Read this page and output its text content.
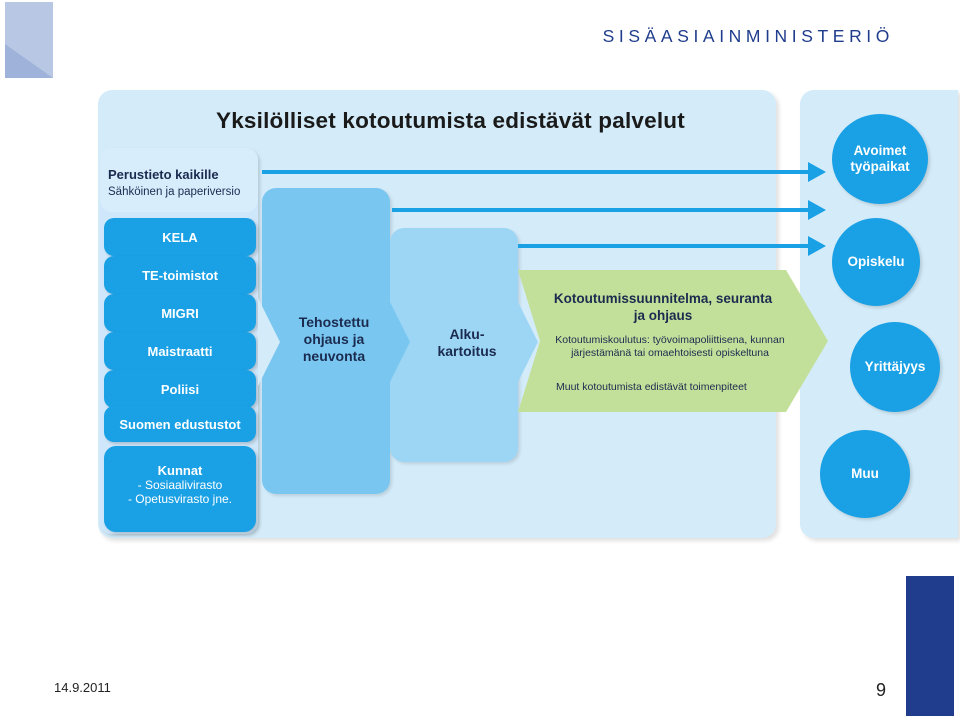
SISÄASIAINMINISTERIÖ
Yksilölliset kotoutumista edistävät palvelut
Perustieto kaikille
Sähköinen ja paperiversio
KELA
TE-toimistot
MIGRI
Maistraatti
Poliisi
Suomen edustustot
Kunnat
- Sosiaalivirasto
- Opetusvirasto jne.
Tehostettu ohjaus ja neuvonta
Alku-kartoitus
Kotoutumissuunnitelma, seuranta ja ohjaus
Kotoutumiskoulutus: työvoimapoliittisena, kunnan järjestämänä tai omaehtoisesti opiskeltuna
Muut kotoutumista edistävät toimenpiteet
Avoimet työpaikat
Opiskelu
Yrittäjyys
Muu
14.9.2011	9
